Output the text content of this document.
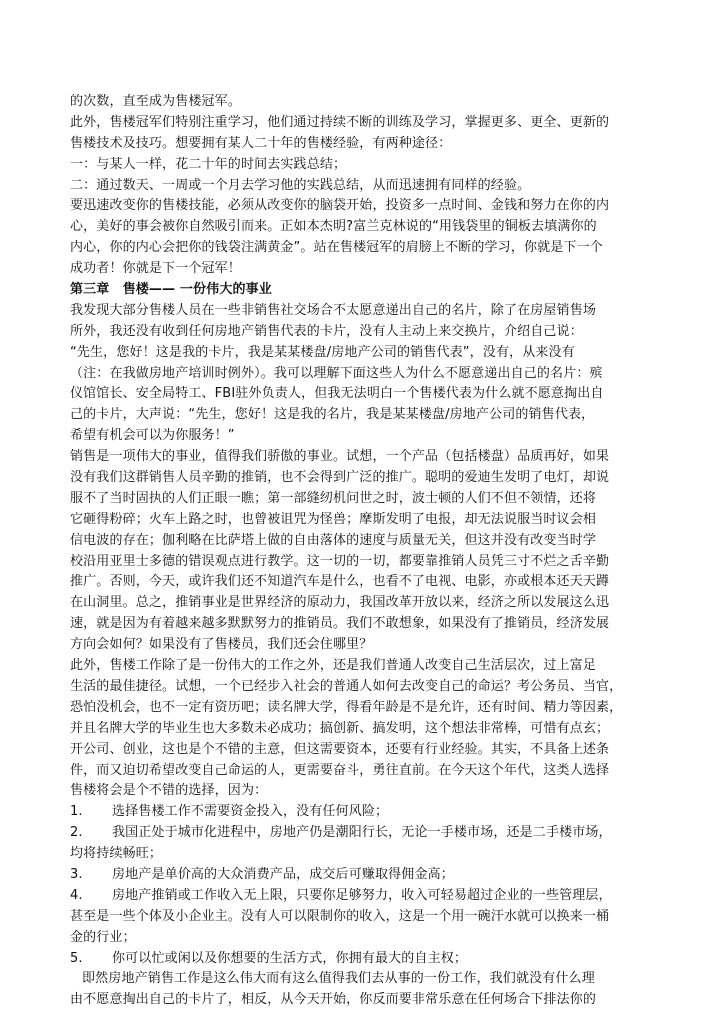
的次数，直至成为售楼冠军。
此外，售楼冠军们特别注重学习，他们通过持续不断的训练及学习，掌握更多、更全、更新的
售楼技术及技巧。想要拥有某人二十年的售楼经验，有两种途径：
一：与某人一样，花二十年的时间去实践总结；
二：通过数天、一周或一个月去学习他的实践总结，从而迅速拥有同样的经验。
要迅速改变你的售楼技能，必须从改变你的脑袋开始，投资多一点时间、金钱和努力在你的内
心，美好的事会被你自然吸引而来。正如本杰明?富兰克林说的“用钱袋里的铜板去填满你的
内心，你的内心会把你的钱袋注满黄金”。站在售楼冠军的肩膀上不断的学习，你就是下一个
成功者！你就是下一个冠军！
第三章　售楼—— 一份伟大的事业
我发现大部分售楼人员在一些非销售社交场合不太愿意递出自己的名片，除了在房屋销售场
所外，我还没有收到任何房地产销售代表的卡片，没有人主动上来交换片，介绍自己说：
“先生，您好！这是我的卡片，我是某某楼盘/房地产公司的销售代表”，没有，从来没有
（注：在我做房地产培训时例外）。我可以理解下面这些人为什么不愿意递出自己的名片：殡
仪馆馆长、安全局特工、FBI驻外负责人，但我无法明白一个售楼代表为什么就不愿意掏出自
己的卡片，大声说：“先生，您好！这是我的名片，我是某某楼盘/房地产公司的销售代表，
希望有机会可以为你服务！”
销售是一项伟大的事业，值得我们骄傲的事业。试想，一个产品（包括楼盘）品质再好，如果
没有我们这群销售人员辛勤的推销，也不会得到广泛的推广。聪明的爱迪生发明了电灯，却说
服不了当时固执的人们正眼一瞧；第一部缝纫机问世之时，波士顿的人们不但不领情，还将
它砸得粉碎；火车上路之时，也曾被诅咒为怪兽；摩斯发明了电报，却无法说服当时议会相
信电波的存在；伽利略在比萨塔上做的自由落体的速度与质量无关，但这并没有改变当时学
校沿用亚里士多德的错误观点进行教学。这一切的一切，都要靠推销人员凭三寸不烂之舌辛勤
推广。否则，今天，或许我们还不知道汽车是什么，也看不了电视、电影，亦或根本还天天蹲
在山洞里。总之，推销事业是世界经济的原动力，我国改革开放以来，经济之所以发展这么迅
速，就是因为有着越来越多默默努力的推销员。我们不敢想象，如果没有了推销员，经济发展
方向会如何？如果没有了售楼员，我们还会住哪里？
此外，售楼工作除了是一份伟大的工作之外，还是我们普通人改变自己生活层次，过上富足
生活的最佳捷径。试想，一个已经步入社会的普通人如何去改变自己的命运？考公务员、当官，
恐怕没机会，也不一定有资历吧；读名牌大学，得看年龄是不是允许，还有时间、精力等因素，
并且名牌大学的毕业生也大多数未必成功；搞创新、搞发明，这个想法非常棒，可惜有点玄；
开公司、创业，这也是个不错的主意，但这需要资本，还要有行业经验。其实，不具备上述条
件，而又迫切希望改变自己命运的人，更需要奋斗，勇往直前。在今天这个年代，这类人选择
售楼将会是个不错的选择，因为：
1. 选择售楼工作不需要资金投入，没有任何风险；
2. 我国正处于城市化进程中，房地产仍是潮阳行长，无论一手楼市场，还是二手楼市场，
均将持续畅旺；
3. 房地产是单价高的大众消费产品，成交后可赚取得佣金高；
4. 房地产推销或工作收入无上限，只要你足够努力，收入可轻易超过企业的一些管理层，
甚至是一些个体及小企业主。没有人可以限制你的收入，这是一个用一碗汗水就可以换来一桶
金的行业；
5. 你可以忙或闲以及你想要的生活方式，你拥有最大的自主权；
即然房地产销售工作是这么伟大而有这么值得我们去从事的一份工作，我们就没有什么理
由不愿意掏出自己的卡片了，相反，从今天开始，你反而要非常乐意在任何场合下排法你的
